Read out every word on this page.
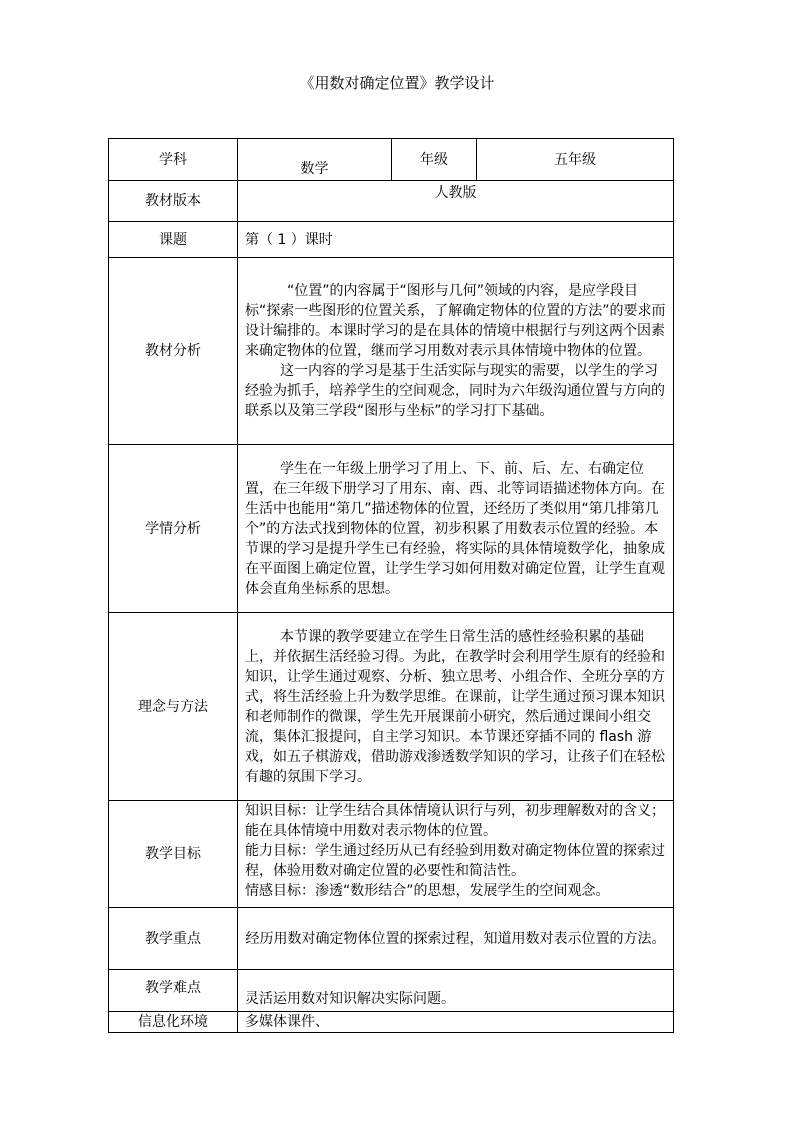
《用数对确定位置》教学设计
学科	数学	年级	五年级
教材版本	人教版		
课题	第（ 1 ）课时		
教材分析	“位置”的内容属于“图形与几何”领域的内容，是应学段目标“探索一些图形的位置关系，了解确定物体的位置的方法”的要求而设计编排的。本课时学习的是在具体的情境中根据行与列这两个因素来确定物体的位置，继而学习用数对表示具体情境中物体的位置。

这一内容的学习是基于生活实际与现实的需要，以学生的学习经验为抓手，培养学生的空间观念，同时为六年级沟通位置与方向的联系以及第三学段“图形与坐标”的学习打下基础。		

学情分析	学生在一年级上册学习了用上、下、前、后、左、右确定位置，在三年级下册学习了用东、南、西、北等词语描述物体方向。在生活中也能用“第几”描述物体的位置，还经历了类似用“第几排第几个”的方法式找到物体的位置，初步积累了用数表示位置的经验。本节课的学习是提升学生已有经验，将实际的具体情境数学化，抽象成在平面图上确定位置，让学生学习如何用数对确定位置，让学生直观体会直角坐标系的思想。		

理念与方法	本节课的教学要建立在学生日常生活的感性经验积累的基础上，并依据生活经验习得。为此，在教学时会利用学生原有的经验和知识，让学生通过观察、分析、独立思考、小组合作、全班分享的方式，将生活经验上升为数学思维。在课前，让学生通过预习课本知识和老师制作的微课，学生先开展课前小研究，然后通过课间小组交流，集体汇报提问，自主学习知识。本节课还穿插不同的 flash 游戏，如五子棋游戏，借助游戏渗透数学知识的学习，让孩子们在轻松有趣的氛围下学习。		

教学目标	知识目标：让学生结合具体情境认识行与列，初步理解数对的含义；能在具体情境中用数对表示物体的位置。

能力目标：学生通过经历从已有经验到用数对确定物体位置的探索过程，体验用数对确定位置的必要性和简洁性。

情感目标：渗透“数形结合”的思想，发展学生的空间观念。		

教学重点	经历用数对确定物体位置的探索过程，知道用数对表示位置的方法。		
教学难点	灵活运用数对知识解决实际问题。		
信息化环境	多媒体课件、		
